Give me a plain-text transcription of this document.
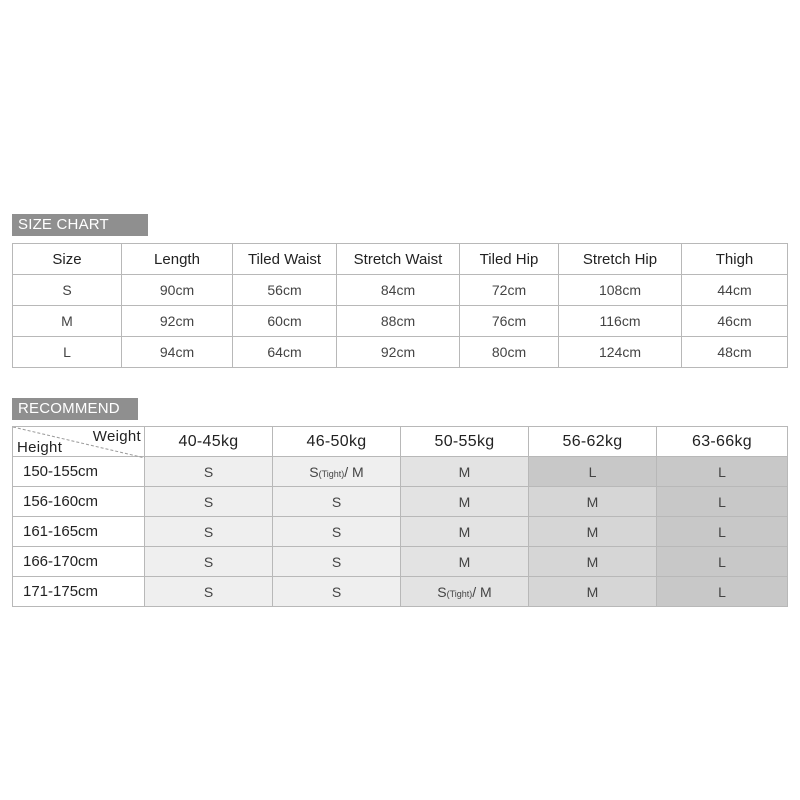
SIZE CHART
Size	Length	Tiled Waist	Stretch Waist	Tiled Hip	Stretch Hip	Thigh
S	90cm	56cm	84cm	72cm	108cm	44cm
M	92cm	60cm	88cm	76cm	116cm	46cm
L	94cm	64cm	92cm	80cm	124cm	48cm
RECOMMEND
Weight
Height	40-45kg	46-50kg	50-55kg	56-62kg	63-66kg
150-155cm	S	S(Tight)/ M	M	L	L
156-160cm	S	S	M	M	L
161-165cm	S	S	M	M	L
166-170cm	S	S	M	M	L
171-175cm	S	S	S(Tight)/ M	M	L
